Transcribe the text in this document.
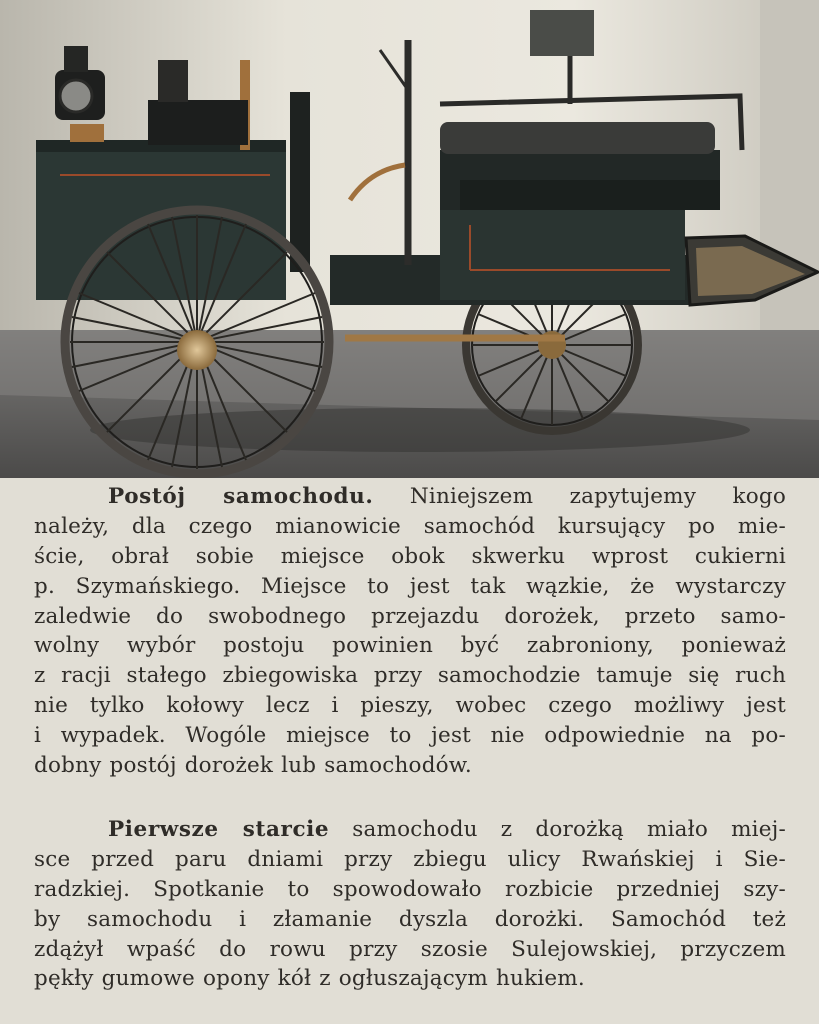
Postój samochodu. Niniejszem zapytujemy kogo
należy, dla czego mianowicie samochód kursujący po mie-
ście, obrał sobie miejsce obok skwerku wprost cukierni
p. Szymańskiego. Miejsce to jest tak wązkie, że wystarczy
zaledwie do swobodnego przejazdu dorożek, przeto samo-
wolny wybór postoju powinien być zabroniony, ponieważ
z racji stałego zbiegowiska przy samochodzie tamuje się ruch
nie tylko kołowy lecz i pieszy, wobec czego możliwy jest
i wypadek. Wogóle miejsce to jest nie odpowiednie na po-
dobny postój dorożek lub samochodów.
Pierwsze starcie samochodu z dorożką miało miej-
sce przed paru dniami przy zbiegu ulicy Rwańskiej i Sie-
radzkiej. Spotkanie to spowodowało rozbicie przedniej szy-
by samochodu i złamanie dyszla dorożki. Samochód też
zdążył wpaść do rowu przy szosie Sulejowskiej, przyczem
pękły gumowe opony kół z ogłuszającym hukiem.
